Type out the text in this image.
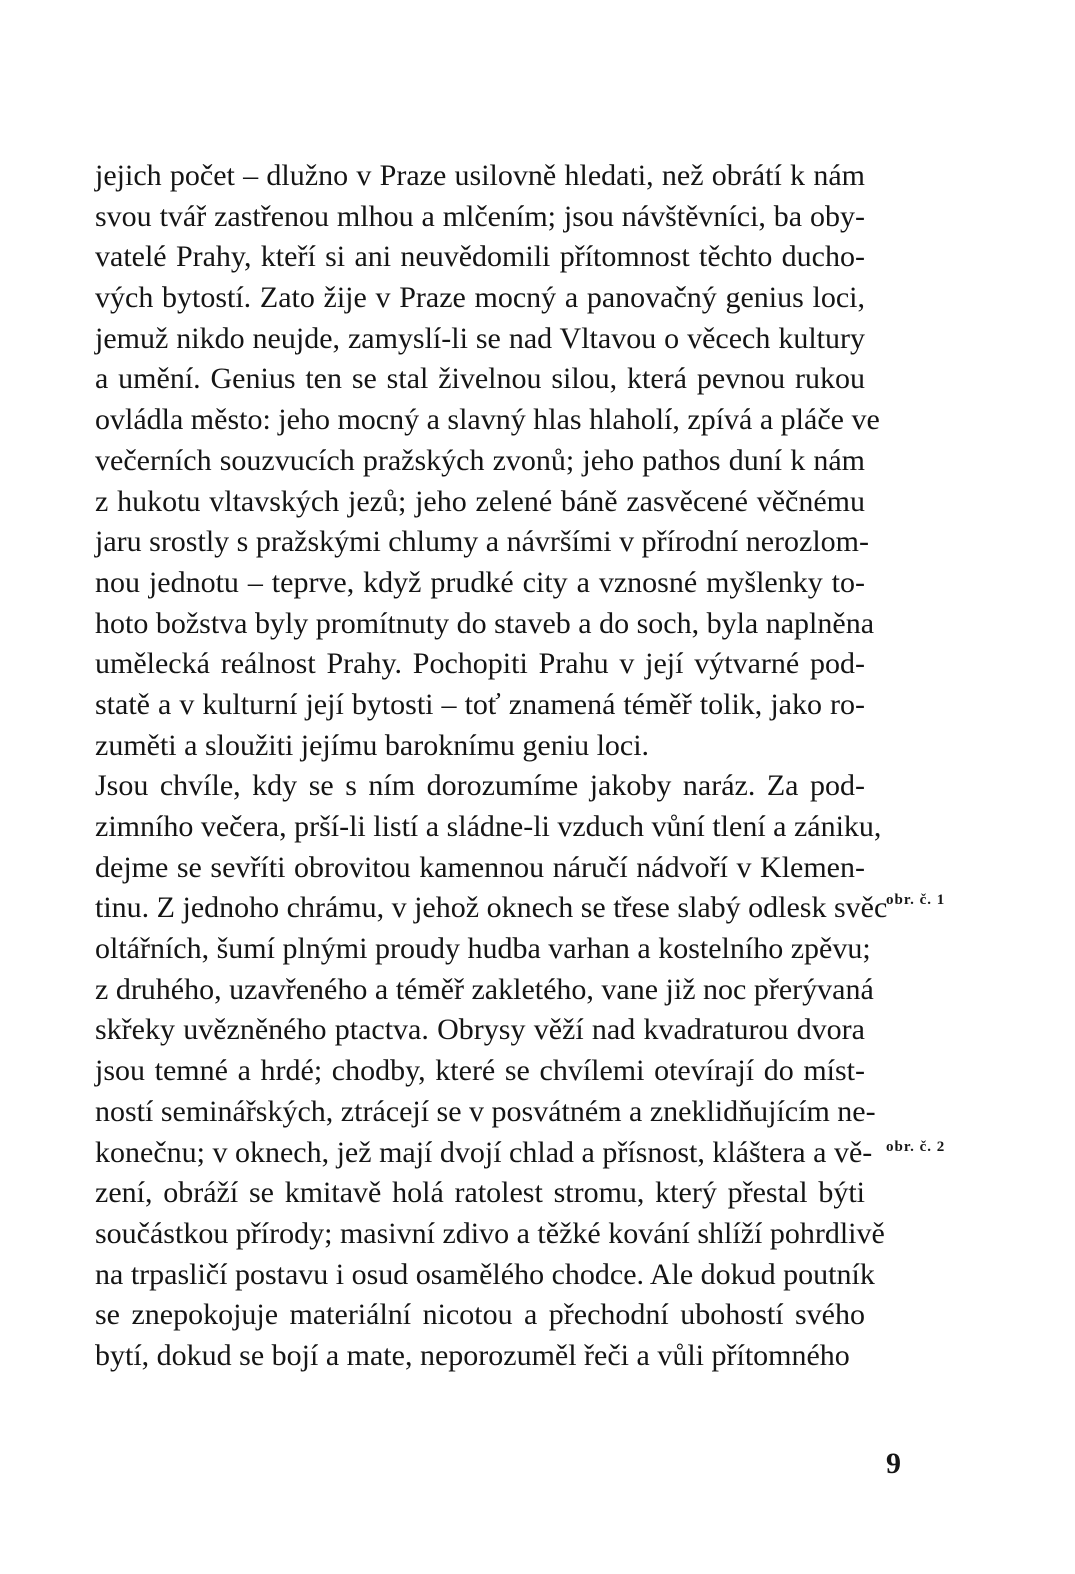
jejich počet – dlužno v Praze usilovně hledati, než obrátí k nám
svou tvář zastřenou mlhou a mlčením; jsou návštěvníci, ba oby-
vatelé Prahy, kteří si ani neuvědomili přítomnost těchto ducho-
vých bytostí. Zato žije v Praze mocný a panovačný genius loci,
jemuž nikdo neujde, zamyslí-li se nad Vltavou o věcech kultury
a umění. Genius ten se stal živelnou silou, která pevnou rukou
ovládla město: jeho mocný a slavný hlas hlaholí, zpívá a pláče ve
večerních souzvucích pražských zvonů; jeho pathos duní k nám
z hukotu vltavských jezů; jeho zelené báně zasvěcené věčnému
jaru srostly s pražskými chlumy a návršími v přírodní nerozlom-
nou jednotu – teprve, když prudké city a vznosné myšlenky to-
hoto božstva byly promítnuty do staveb a do soch, byla naplněna
umělecká reálnost Prahy. Pochopiti Prahu v její výtvarné pod-
statě a v kulturní její bytosti – toť znamená téměř tolik, jako ro-
zuměti a sloužiti jejímu baroknímu geniu loci.
Jsou chvíle, kdy se s ním dorozumíme jakoby naráz. Za pod-
zimního večera, prší-li listí a sládne-li vzduch vůní tlení a zániku,
dejme se sevříti obrovitou kamennou náručí nádvoří v Klemen-
tinu. Z jednoho chrámu, v jehož oknech se třese slabý odlesk svěc
oltářních, šumí plnými proudy hudba varhan a kostelního zpěvu;
z druhého, uzavřeného a téměř zakletého, vane již noc přerývaná
skřeky uvězněného ptactva. Obrysy věží nad kvadraturou dvora
jsou temné a hrdé; chodby, které se chvílemi otevírají do míst-
ností seminářských, ztrácejí se v posvátném a zneklidňujícím ne-
konečnu; v oknech, jež mají dvojí chlad a přísnost, kláštera a vě-
zení, obráží se kmitavě holá ratolest stromu, který přestal býti
součástkou přírody; masivní zdivo a těžké kování shlíží pohrdlivě
na trpasličí postavu i osud osamělého chodce. Ale dokud poutník
se znepokojuje materiální nicotou a přechodní ubohostí svého
bytí, dokud se bojí a mate, neporozuměl řeči a vůli přítomného
obr. č. 1
obr. č. 2
9
